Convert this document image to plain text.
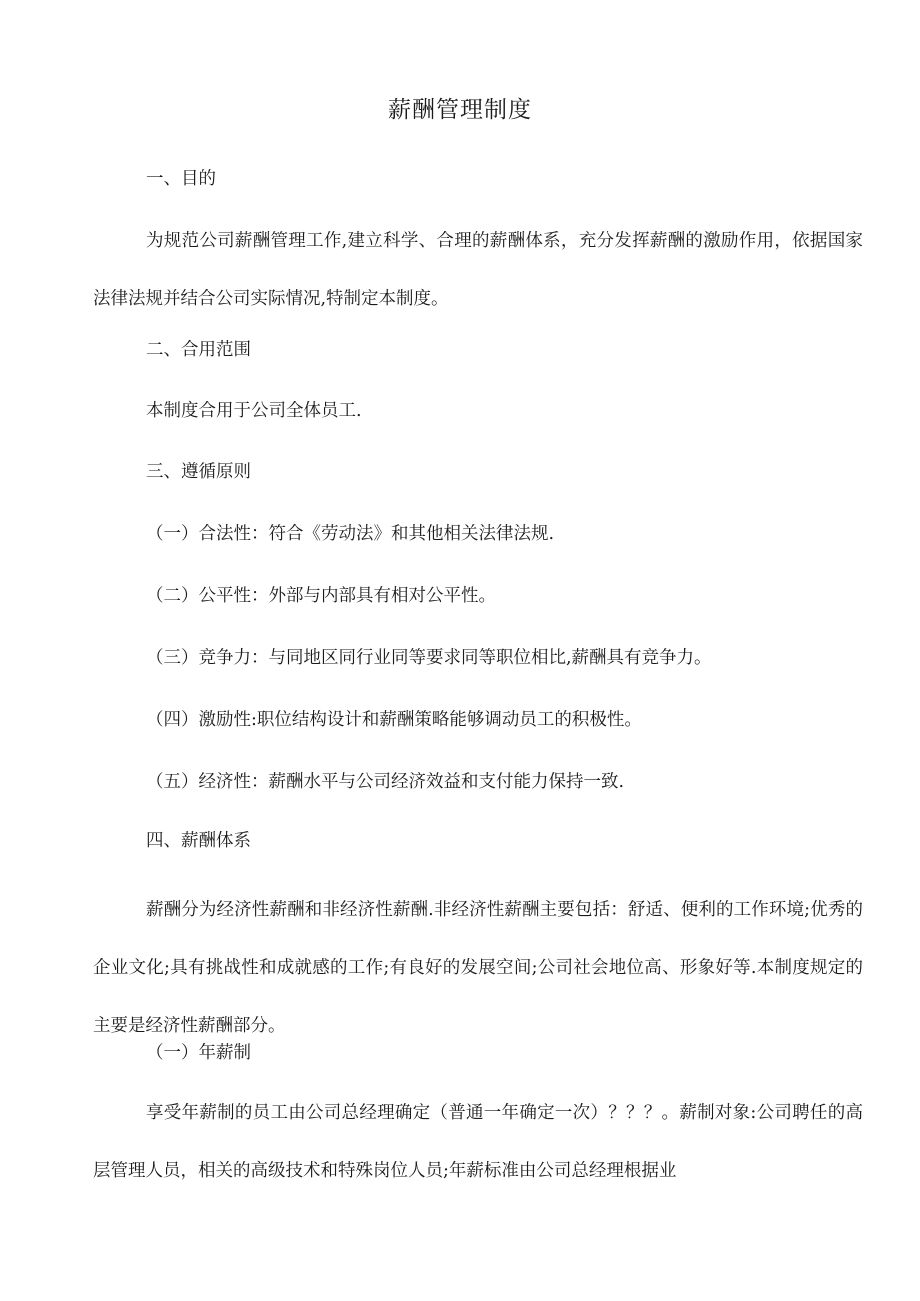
薪酬管理制度
一、目的

为规范公司薪酬管理工作,建立科学、合理的薪酬体系，充分发挥薪酬的激励作用，依据国家法律法规并结合公司实际情况,特制定本制度。

二、合用范围
本制度合用于公司全体员工.
三、遵循原则
（一）合法性：符合《劳动法》和其他相关法律法规.
（二）公平性：外部与内部具有相对公平性。
（三）竞争力：与同地区同行业同等要求同等职位相比,薪酬具有竞争力。
（四）激励性:职位结构设计和薪酬策略能够调动员工的积极性。
（五）经济性：薪酬水平与公司经济效益和支付能力保持一致.
四、薪酬体系

薪酬分为经济性薪酬和非经济性薪酬.非经济性薪酬主要包括：舒适、便利的工作环境;优秀的企业文化;具有挑战性和成就感的工作;有良好的发展空间;公司社会地位高、形象好等.本制度规定的主要是经济性薪酬部分。

（一）年薪制

享受年薪制的员工由公司总经理确定（普通一年确定一次）？？？。薪制对象:公司聘任的高层管理人员，相关的高级技术和特殊岗位人员;年薪标准由公司总经理根据业
